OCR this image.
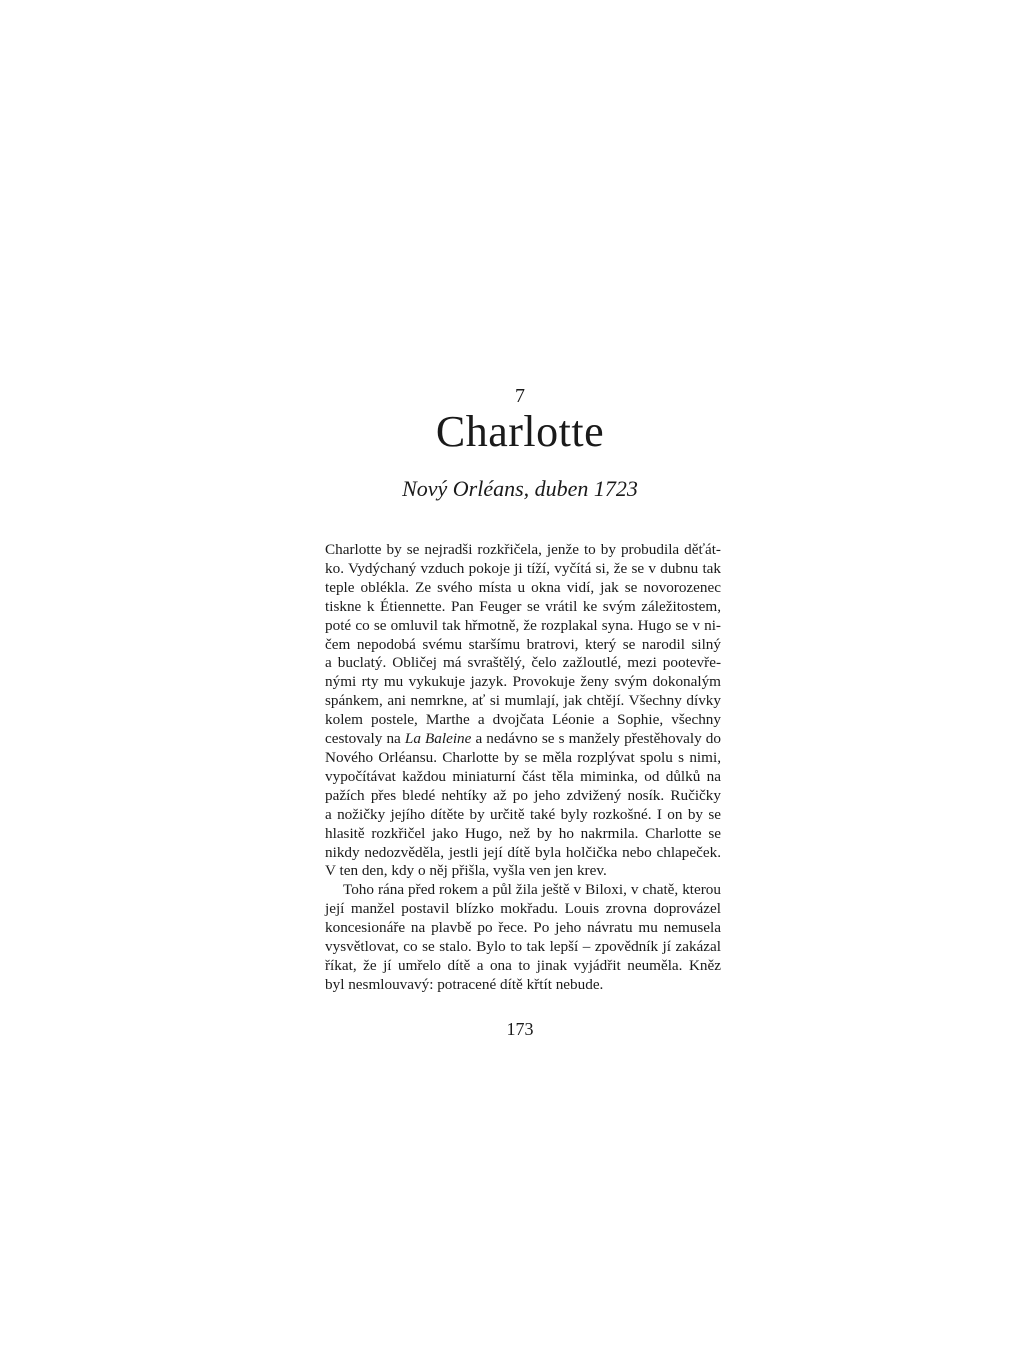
7
Charlotte
Nový Orléans, duben 1723
Charlotte by se nejradši rozkřičela, jenže to by probudila děťát-
ko. Vydýchaný vzduch pokoje ji tíží, vyčítá si, že se v dubnu tak
teple oblékla. Ze svého místa u okna vidí, jak se novorozenec
tiskne k Étiennette. Pan Feuger se vrátil ke svým záležitostem,
poté co se omluvil tak hřmotně, že rozplakal syna. Hugo se v ni-
čem nepodobá svému staršímu bratrovi, který se narodil silný
a buclatý. Obličej má svraštělý, čelo zažloutlé, mezi pootevře-
nými rty mu vykukuje jazyk. Provokuje ženy svým dokonalým
spánkem, ani nemrkne, ať si mumlají, jak chtějí. Všechny dívky
kolem postele, Marthe a dvojčata Léonie a Sophie, všechny
cestovaly na La Baleine a nedávno se s manžely přestěhovaly do
Nového Orléansu. Charlotte by se měla rozplývat spolu s nimi,
vypočítávat každou miniaturní část těla miminka, od důlků na
pažích přes bledé nehtíky až po jeho zdvižený nosík. Ručičky
a nožičky jejího dítěte by určitě také byly rozkošné. I on by se
hlasitě rozkřičel jako Hugo, než by ho nakrmila. Charlotte se
nikdy nedozvěděla, jestli její dítě byla holčička nebo chlapeček.
V ten den, kdy o něj přišla, vyšla ven jen krev.
Toho rána před rokem a půl žila ještě v Biloxi, v chatě, kterou
její manžel postavil blízko mokřadu. Louis zrovna doprovázel
koncesionáře na plavbě po řece. Po jeho návratu mu nemusela
vysvětlovat, co se stalo. Bylo to tak lepší – zpovědník jí zakázal
říkat, že jí umřelo dítě a ona to jinak vyjádřit neuměla. Kněz
byl nesmlouvavý: potracené dítě křtít nebude.
173
